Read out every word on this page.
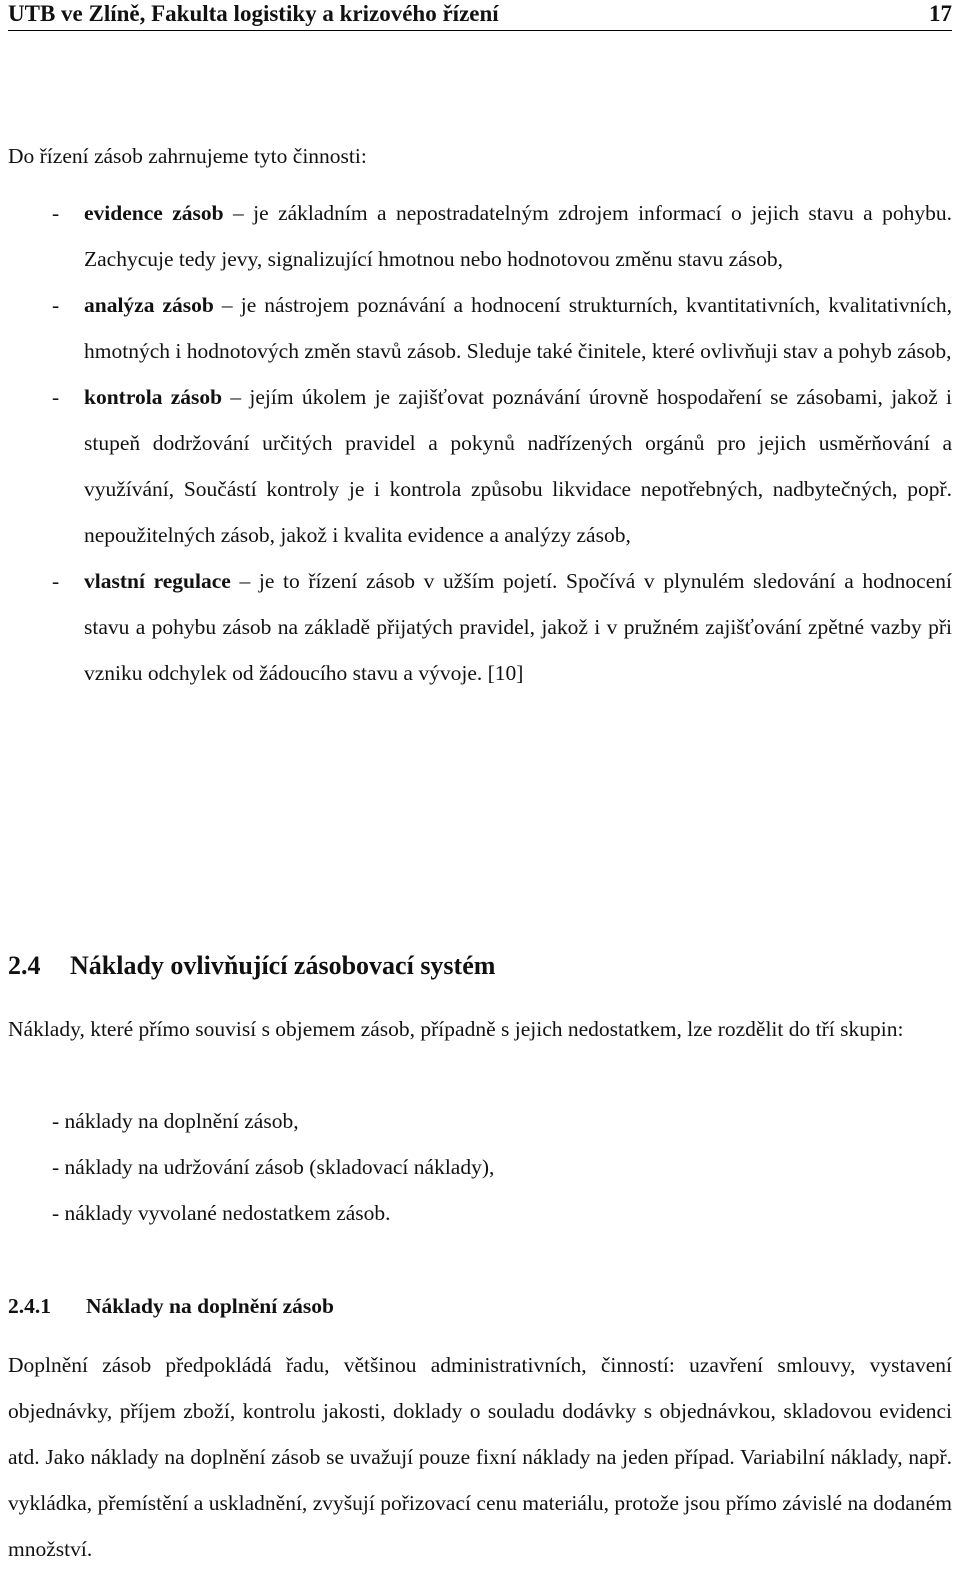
UTB ve Zlíně, Fakulta logistiky a krizového řízení	17

Do řízení zásob zahrnujeme tyto činnosti:

- evidence zásob – je základním a nepostradatelným zdrojem informací o jejich stavu a pohybu. Zachycuje tedy jevy, signalizující hmotnou nebo hodnotovou změnu stavu zásob,
- analýza zásob – je nástrojem poznávání a hodnocení strukturních, kvantitativních, kvalitativních, hmotných i hodnotových změn stavů zásob. Sleduje také činitele, které ovlivňuji stav a pohyb zásob,
- kontrola zásob – jejím úkolem je zajišťovat poznávání úrovně hospodaření se zásobami, jakož i stupeň dodržování určitých pravidel a pokynů nadřízených orgánů pro jejich usměrňování a využívání, Součástí kontroly je i kontrola způsobu likvidace nepotřebných, nadbytečných, popř. nepoužitelných zásob, jakož i kvalita evidence a analýzy zásob,
- vlastní regulace – je to řízení zásob v užším pojetí. Spočívá v plynulém sledování a hodnocení stavu a pohybu zásob na základě přijatých pravidel, jakož i v pružném zajišťování zpětné vazby při vzniku odchylek od žádoucího stavu a vývoje. [10]
2.4 Náklady ovlivňující zásobovací systém

Náklady, které přímo souvisí s objemem zásob, případně s jejich nedostatkem, lze rozdělit do tří skupin:

- náklady na doplnění zásob,
- náklady na udržování zásob (skladovací náklady),
- náklady vyvolané nedostatkem zásob.
2.4.1 Náklady na doplnění zásob

Doplnění zásob předpokládá řadu, většinou administrativních, činností: uzavření smlouvy, vystavení objednávky, příjem zboží, kontrolu jakosti, doklady o souladu dodávky s objednávkou, skladovou evidenci atd. Jako náklady na doplnění zásob se uvažují pouze fixní náklady na jeden případ. Variabilní náklady, např. vykládka, přemístění a uskladnění, zvyšují pořizovací cenu materiálu, protože jsou přímo závislé na dodaném množství.
